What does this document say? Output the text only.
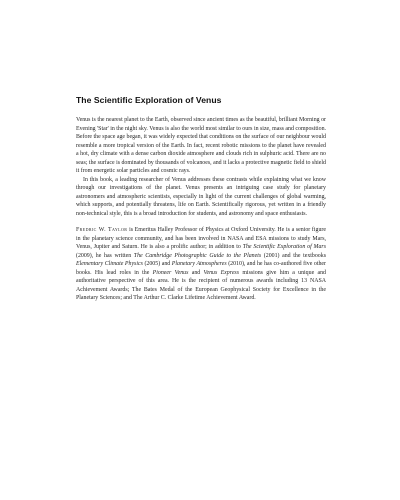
The Scientific Exploration of Venus

Venus is the nearest planet to the Earth, observed since ancient times as the beautiful, brilliant Morning or Evening 'Star' in the night sky. Venus is also the world most similar to ours in size, mass and composition. Before the space age began, it was widely expected that conditions on the surface of our neighbour would resemble a more tropical version of the Earth. In fact, recent robotic missions to the planet have revealed a hot, dry climate with a dense carbon dioxide atmosphere and clouds rich in sulphuric acid. There are no seas; the surface is dominated by thousands of volcanoes, and it lacks a protective magnetic field to shield it from energetic solar particles and cosmic rays.

In this book, a leading researcher of Venus addresses these contrasts while explaining what we know through our investigations of the planet. Venus presents an intriguing case study for planetary astronomers and atmospheric scientists, especially in light of the current challenges of global warming, which supports, and potentially threatens, life on Earth. Scientifically rigorous, yet written in a friendly non-technical style, this is a broad introduction for students, and astronomy and space enthusiasts.

Fredric W. Taylor is Emeritus Halley Professor of Physics at Oxford University. He is a senior figure in the planetary science community, and has been involved in NASA and ESA missions to study Mars, Venus, Jupiter and Saturn. He is also a prolific author; in addition to The Scientific Exploration of Mars (2009), he has written The Cambridge Photographic Guide to the Planets (2001) and the textbooks Elementary Climate Physics (2005) and Planetary Atmospheres (2010), and he has co-authored five other books. His lead roles in the Pioneer Venus and Venus Express missions give him a unique and authoritative perspective of this area. He is the recipient of numerous awards including 13 NASA Achievement Awards; The Bates Medal of the European Geophysical Society for Excellence in the Planetary Sciences; and The Arthur C. Clarke Lifetime Achievement Award.
